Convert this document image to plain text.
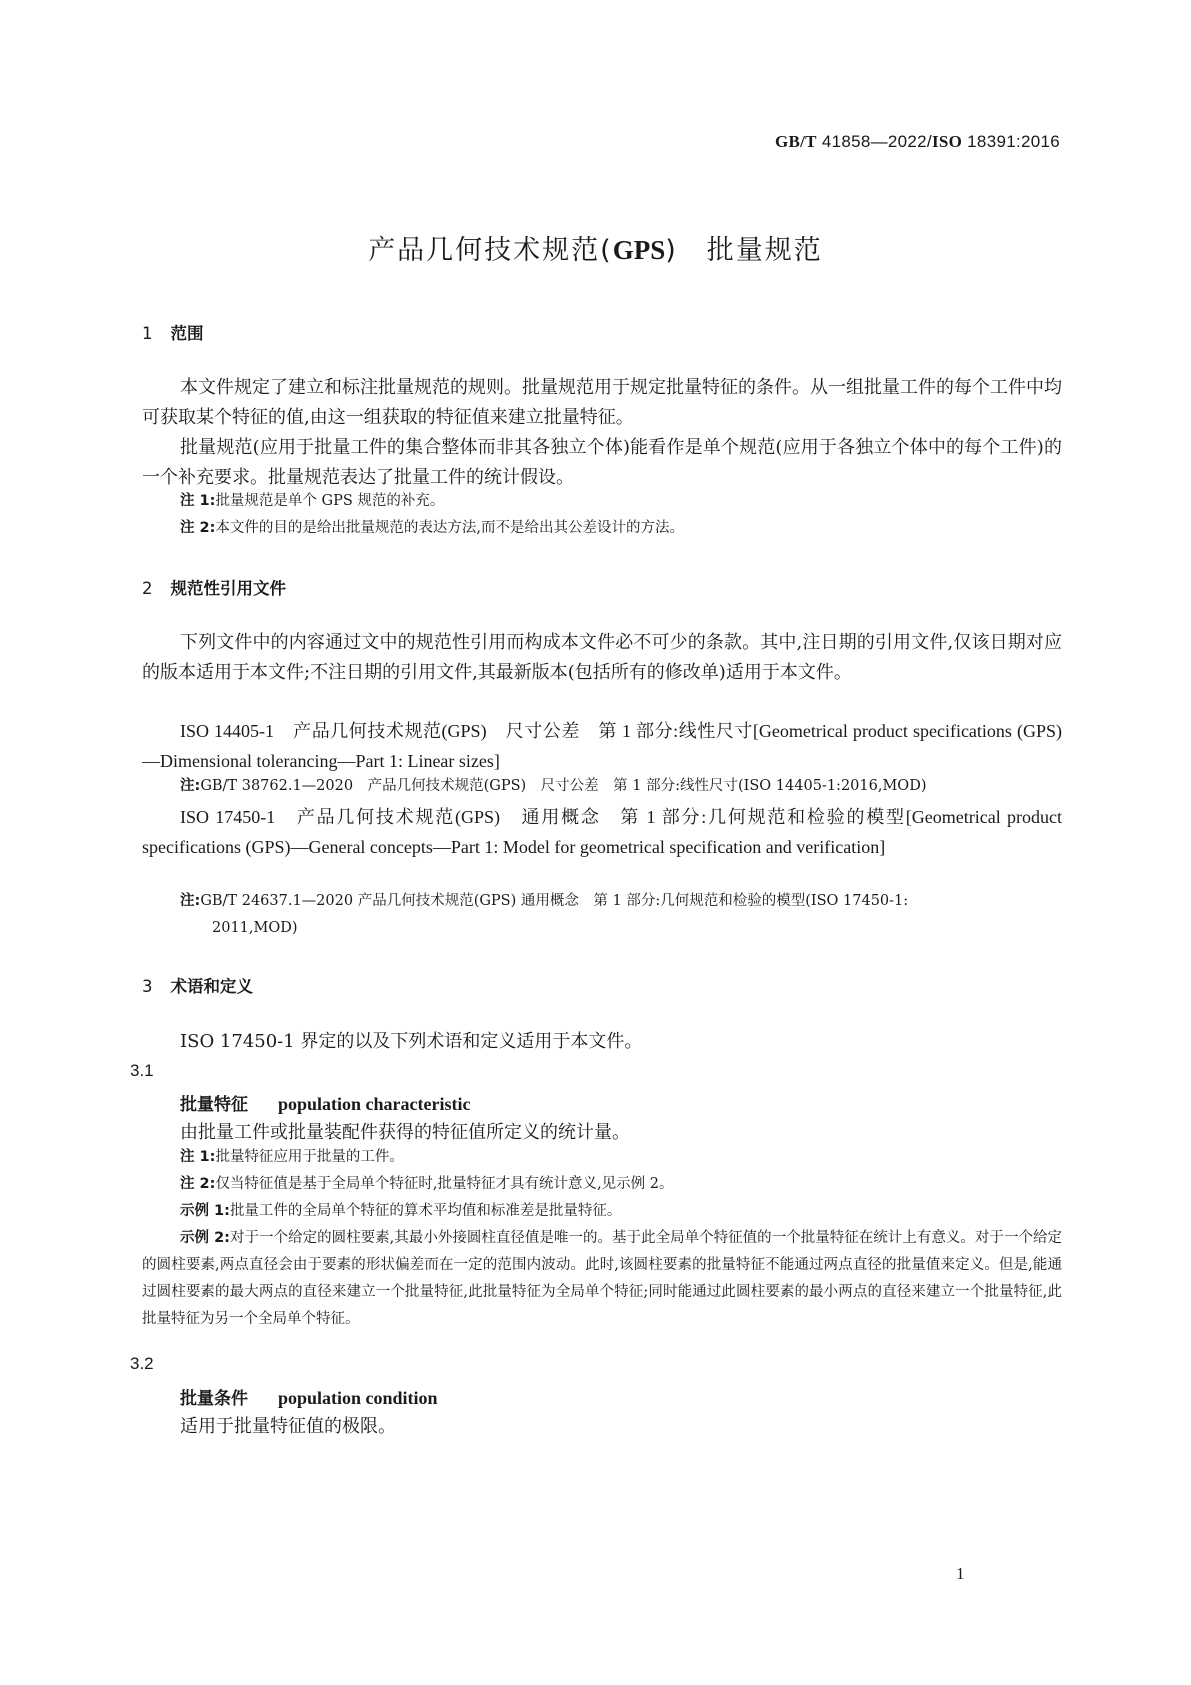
GB/T 41858—2022/ISO 18391:2016
产品几何技术规范(GPS)　批量规范
1 范围
本文件规定了建立和标注批量规范的规则。批量规范用于规定批量特征的条件。从一组批量工件的每个工件中均可获取某个特征的值,由这一组获取的特征值来建立批量特征。
批量规范(应用于批量工件的集合整体而非其各独立个体)能看作是单个规范(应用于各独立个体中的每个工件)的一个补充要求。批量规范表达了批量工件的统计假设。
注 1:批量规范是单个 GPS 规范的补充。
注 2:本文件的目的是给出批量规范的表达方法,而不是给出其公差设计的方法。
2 规范性引用文件
下列文件中的内容通过文中的规范性引用而构成本文件必不可少的条款。其中,注日期的引用文件,仅该日期对应的版本适用于本文件;不注日期的引用文件,其最新版本(包括所有的修改单)适用于本文件。
ISO 14405-1　产品几何技术规范(GPS)　尺寸公差　第 1 部分:线性尺寸[Geometrical product specifications (GPS)—Dimensional tolerancing—Part 1: Linear sizes]
注:GB/T 38762.1—2020　产品几何技术规范(GPS)　尺寸公差　第 1 部分:线性尺寸(ISO 14405-1:2016,MOD)
ISO 17450-1　产品几何技术规范(GPS)　通用概念　第 1 部分:几何规范和检验的模型[Geometrical product specifications (GPS)—General concepts—Part 1: Model for geometrical specification and verification]
注:GB/T 24637.1—2020 产品几何技术规范(GPS) 通用概念　第 1 部分:几何规范和检验的模型(ISO 17450-1:
2011,MOD)
3 术语和定义
ISO 17450-1 界定的以及下列术语和定义适用于本文件。
3.1
批量特征 population characteristic
由批量工件或批量装配件获得的特征值所定义的统计量。
注 1:批量特征应用于批量的工件。
注 2:仅当特征值是基于全局单个特征时,批量特征才具有统计意义,见示例 2。
示例 1:批量工件的全局单个特征的算术平均值和标准差是批量特征。
示例 2:对于一个给定的圆柱要素,其最小外接圆柱直径值是唯一的。基于此全局单个特征值的一个批量特征在统计上有意义。对于一个给定的圆柱要素,两点直径会由于要素的形状偏差而在一定的范围内波动。此时,该圆柱要素的批量特征不能通过两点直径的批量值来定义。但是,能通过圆柱要素的最大两点的直径来建立一个批量特征,此批量特征为全局单个特征;同时能通过此圆柱要素的最小两点的直径来建立一个批量特征,此批量特征为另一个全局单个特征。
3.2
批量条件 population condition
适用于批量特征值的极限。
1
